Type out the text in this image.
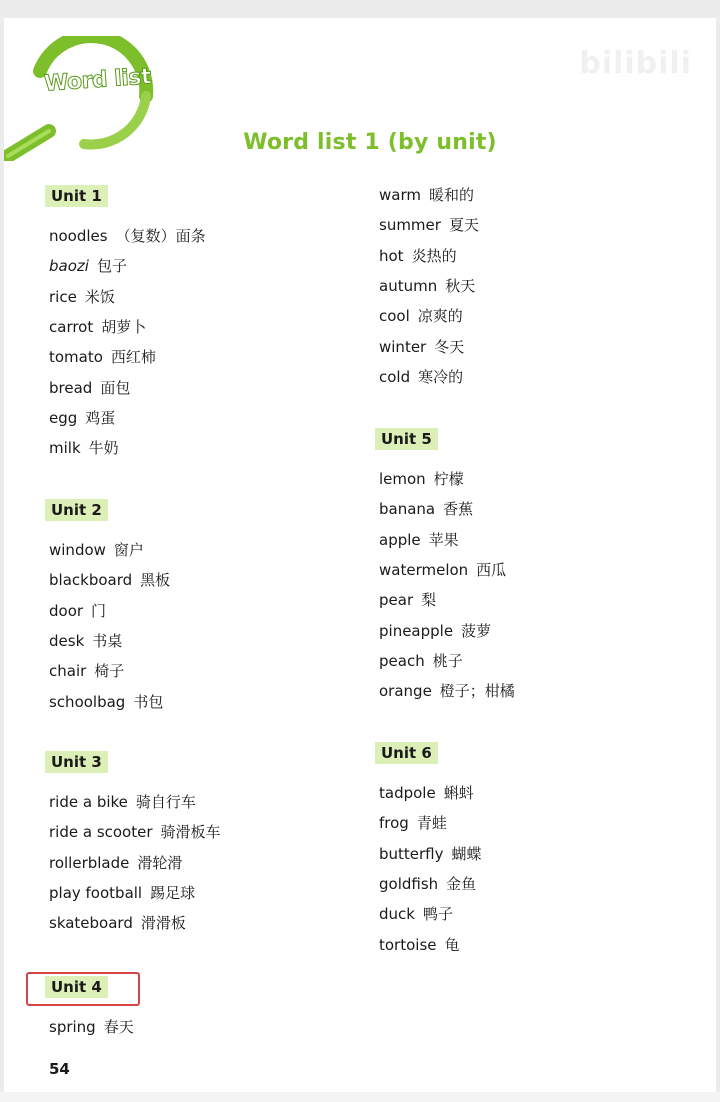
bilibili
Word list
Word list 1 (by unit)
Unit 1
noodles （复数）面条
baozi 包子
rice 米饭
carrot 胡萝卜
tomato 西红柿
bread 面包
egg 鸡蛋
milk 牛奶
Unit 2
window 窗户
blackboard 黑板
door 门
desk 书桌
chair 椅子
schoolbag 书包
Unit 3
ride a bike 骑自行车
ride a scooter 骑滑板车
rollerblade 滑轮滑
play football 踢足球
skateboard 滑滑板
Unit 4
spring 春天
warm 暖和的
summer 夏天
hot 炎热的
autumn 秋天
cool 凉爽的
winter 冬天
cold 寒冷的
Unit 5
lemon 柠檬
banana 香蕉
apple 苹果
watermelon 西瓜
pear 梨
pineapple 菠萝
peach 桃子
orange 橙子；柑橘
Unit 6
tadpole 蝌蚪
frog 青蛙
butterfly 蝴蝶
goldfish 金鱼
duck 鸭子
tortoise 龟
54
